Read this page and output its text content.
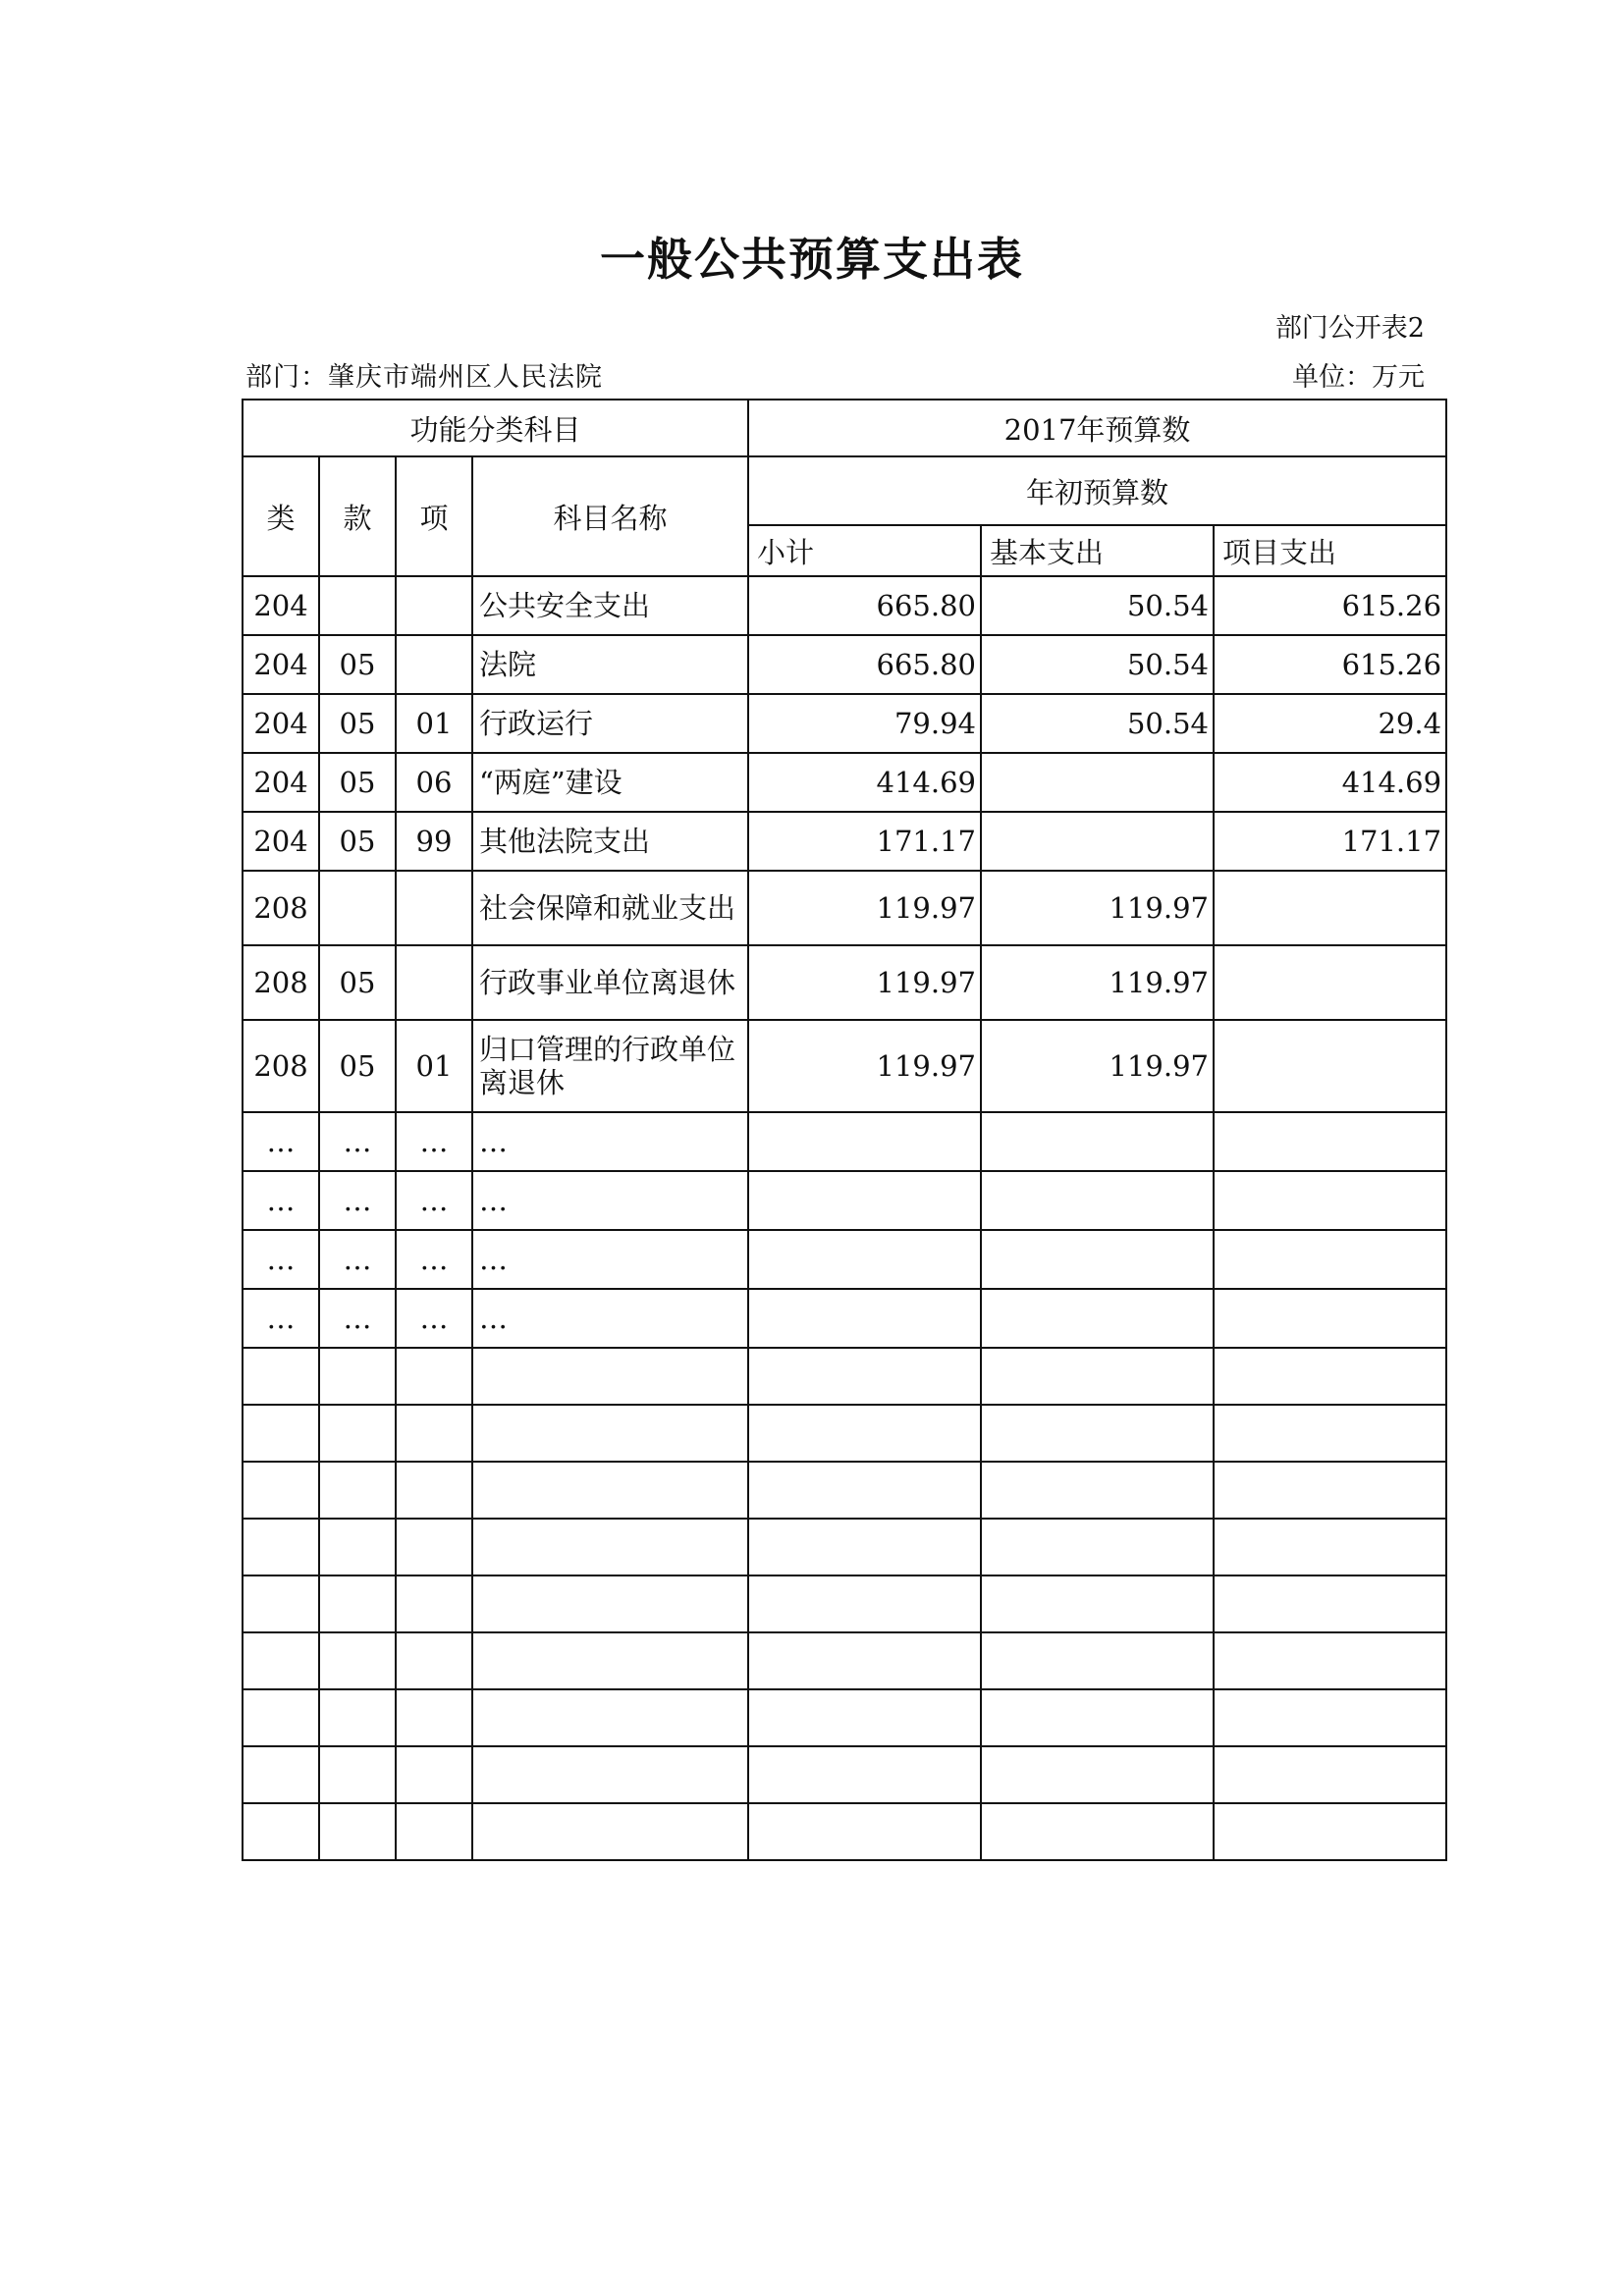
一般公共预算支出表
部门公开表2
部门：肇庆市端州区人民法院	单位：万元
功能分类科目				2017年预算数		
类	款	项	科目名称	年初预算数		
				小计	基本支出	项目支出
204			公共安全支出	665.80	50.54	615.26
204	05		法院	665.80	50.54	615.26
204	05	01	行政运行	79.94	50.54	29.4
204	05	06	“两庭”建设	414.69		414.69
204	05	99	其他法院支出	171.17		171.17
208			社会保障和就业支出	119.97	119.97	
208	05		行政事业单位离退休	119.97	119.97	
208	05	01	归口管理的行政单位离退休	119.97	119.97	
…	…	…	…			
…	…	…	…			
…	…	…	…			
…	…	…	…			
